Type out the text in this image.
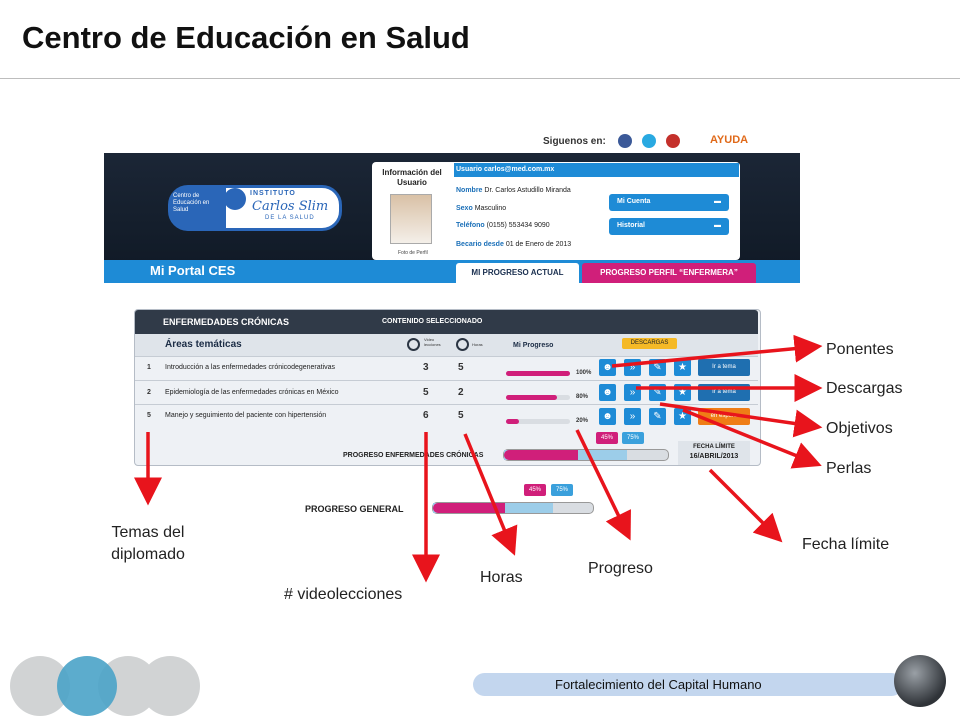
Centro de Educación en Salud
Siguenos en:	AYUDA
Centro de Educación en Salud
INSTITUTO
Carlos Slim
DE LA SALUD
Información del Usuario
Foto de Perfil
Usuario carlos@med.com.mx
Nombre Dr. Carlos Astudillo Miranda
Sexo Masculino
Teléfono (0155) 553434 9090
Becario desde 01 de Enero de 2013
Mi Cuenta	▬
Historial	▬
Mi Portal CES	MI PROGRESO ACTUAL	PROGRESO PERFIL “ENFERMERA”
ENFERMEDADES CRÓNICAS	CONTENIDO SELECCIONADO
Áreas temáticas	Video lecciones	Horas	Mi Progreso	DESCARGAS
1 Introducción a las enfermedades crónicodegenerativas	3	5	100%	☻	»	✎	★	Ir a tema
2 Epidemiología de las enfermedades crónicas en México	5	2	80%	☻	»	✎	★	Ir a tema
5 Manejo y seguimiento del paciente con hipertensión	6	5	20%	☻	»	✎	★	en espera
PROGRESO ENFERMEDADES CRÓNICAS
45%	75%
FECHA LÍMITE
16/ABRIL/2013
PROGRESO GENERAL
45%	75%
Ponentes
Descargas
Objetivos
Perlas
Fecha límite
Temas del diplomado
# videolecciones
Horas
Progreso
Fortalecimiento del Capital Humano
